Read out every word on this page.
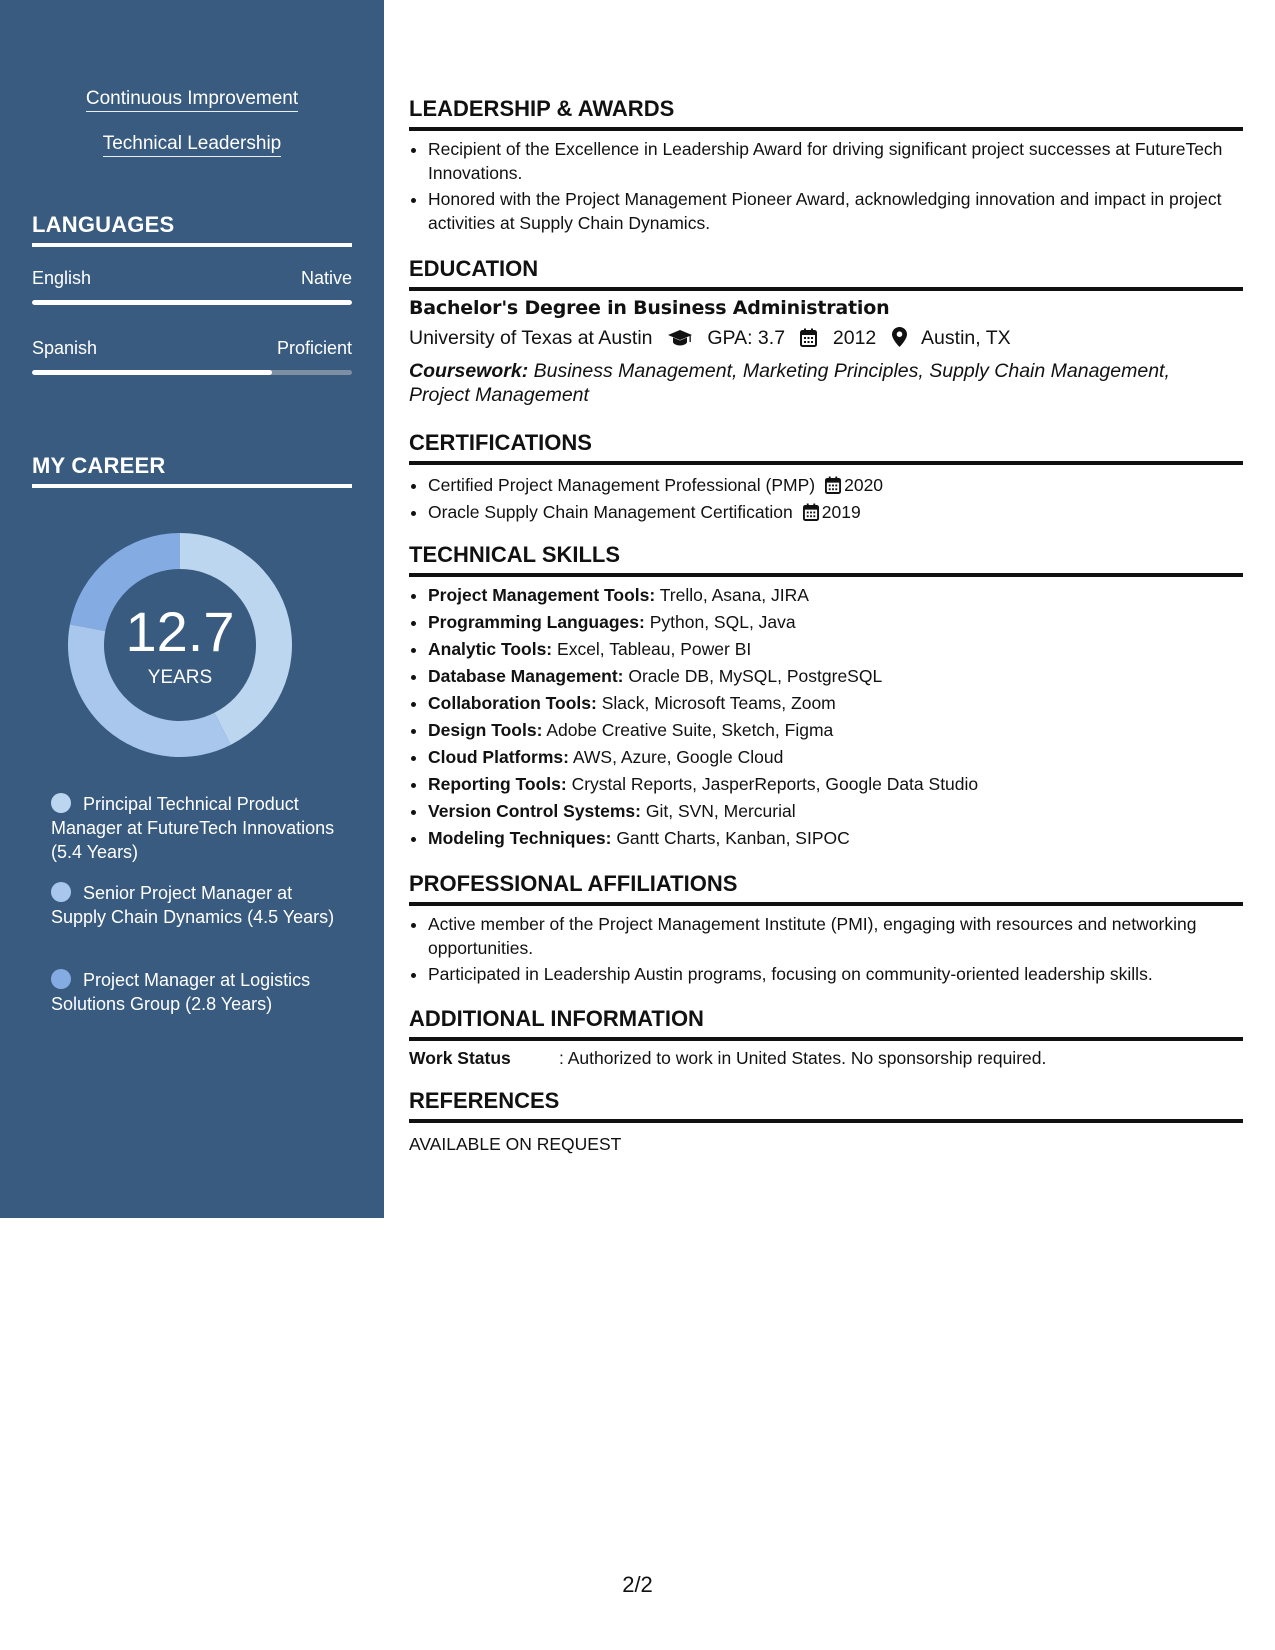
Continuous Improvement
Technical Leadership
LANGUAGES
English	Native
Spanish	Proficient
MY CAREER
12.7
YEARS
Principal Technical Product Manager at FutureTech Innovations (5.4 Years)
Senior Project Manager at Supply Chain Dynamics (4.5 Years)
Project Manager at Logistics Solutions Group (2.8 Years)
LEADERSHIP & AWARDS
• Recipient of the Excellence in Leadership Award for driving significant project successes at FutureTech Innovations.
• Honored with the Project Management Pioneer Award, acknowledging innovation and impact in project activities at Supply Chain Dynamics.
EDUCATION
Bachelor's Degree in Business Administration
University of Texas at Austin	GPA: 3.7 2012 Austin, TX
Coursework: Business Management, Marketing Principles, Supply Chain Management, Project Management
CERTIFICATIONS
• Certified Project Management Professional (PMP) 2020
• Oracle Supply Chain Management Certification 2019
TECHNICAL SKILLS
• Project Management Tools: Trello, Asana, JIRA
• Programming Languages: Python, SQL, Java
• Analytic Tools: Excel, Tableau, Power BI
• Database Management: Oracle DB, MySQL, PostgreSQL
• Collaboration Tools: Slack, Microsoft Teams, Zoom
• Design Tools: Adobe Creative Suite, Sketch, Figma
• Cloud Platforms: AWS, Azure, Google Cloud
• Reporting Tools: Crystal Reports, JasperReports, Google Data Studio
• Version Control Systems: Git, SVN, Mercurial
• Modeling Techniques: Gantt Charts, Kanban, SIPOC
PROFESSIONAL AFFILIATIONS
• Active member of the Project Management Institute (PMI), engaging with resources and networking opportunities.
• Participated in Leadership Austin programs, focusing on community-oriented leadership skills.
ADDITIONAL INFORMATION
Work Status	: Authorized to work in United States. No sponsorship required.
REFERENCES
AVAILABLE ON REQUEST
2/2
